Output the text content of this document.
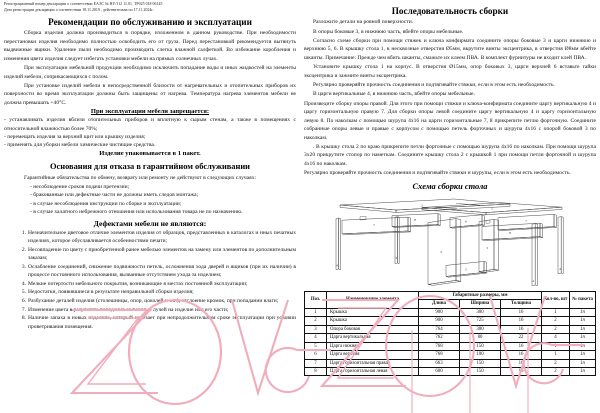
Регистрационный номер декларации о соответствии ЕАЭС № BY/112 11.01. ТР025 018 06145
Дата регистрации декларации о соответствии 18.11.2019 , действительна по 17.11.2024г.
Рекомендации по обслуживанию и эксплуатации

Сборка изделия должна производиться в порядке, изложенном в данном руководстве. При необходимости перестановки изделия необходимо полностью освободить его от груза. Перед перестановкой рекомендуется вытянуть выдвижные ящики. Удаление пыли необходимо производить слегка влажной салфеткой. Во избежание коробления и изменения цвета изделия следует избегать установки мебели на прямых солнечных лучах.

При эксплуатации мебельной продукции необходимо исключить попадание воды и иных жидкостей на элементы изделий мебели, соприкасающихся с полом.

При установке изделий мебели в непосредственной близости от нагревательных и отопительных приборов их поверхности во время эксплуатации должны быть защищены от нагрева. Температура нагрева элементов мебели не должна превышать +40°С.

При эксплуатации мебели запрещается:
- устанавливать изделия вблизи отопительных приборов и вплотную к сырым стенам, а также в помещениях с относительной влажностью более 70%;
- перемещать изделия за верхний щит или крышку изделия;
- применять для уборки мебели химические чистящие средства.
Изделие упаковывается в 1 пакет.
Основания для отказа в гарантийном обслуживании

Гарантийные обязательства по обмену, возврату или ремонту не действуют в следующих случаях:

- несоблюдение сроков подачи претензии;
- бракованные или дефектные части не должны иметь следов монтажа;
- в случае несоблюдения инструкции по сборке и эксплуатации;
- в случае халатного небрежного отношения или использования товара не по назначению.
Дефектами мебели не являются:
Незначительное цветовое отличие элементов изделия от образцов, представленных в каталогах и иных печатных изделиях, которое обуславливается особенностями печати;
Несовпадение по цвету с приобретенной ранее мебелью элементов на замену или элементов по дополнительным заказам;
Ослабление соединений, снижение подвижности петель, осложнения хода дверей и ящиков (при их наличии) в процессе постоянного использования, вызванные отсутствием ухода за изделием;
Мелкие потертости мебельного покрытия, возникающие в местах постоянной эксплуатации;
Недостатки, появившиеся в результате неправильной сборки изделия;
Разбухание деталей изделия (столешницы, опор, цоколей и т.п.), отслоение кромок, при попадании влаги;
Изменение цвета в результате попадания солнечных лучей на изделие или его части;
Наличие запаха в новых изделиях, который исчезает при непродолжительном сроке эксплуатации при условии проветривания помещения.
Последовательность сборки

Разложите детали на ровной поверхности.

В опоры боковые 3, в нижнюю часть, вбейте опоры мебельные.

Согласно схеме сборки при помощи стяжек и ключа конфирмата соедините опоры боковые 3 и царги нижнюю и верхнюю 5, 6. В крышку стола 1, в несквозные отверстия Ø5мм, вкрутите винты эксцентрика, в отверстия Ø8мм вбейте шканты. Примечание: Прежде чем вбить шканты, смажьте их клеем ПВА. В комплект фурнитуры не входит клей ПВА.

Установите крышку стола 1 на корпус. В отверстия Ø15мм, опор боковых 3, царги верхней 6 вставьте гайки эксцентрика и зажмите винты эксцентрика.

Регулярно проверяйте прочность соединения и подтягивайте стяжки, если в этом есть необходимость.

В царги вертикальные 4, в нижнюю часть, вбейте опоры мебельные.

Произведите сборку опоры правой. Для этого при помощи стяжки и ключа-конфирмата соедините царгу вертикальную 4 и царгу горизонтальную правую 7. Для сборки опоры левой соедините царгу вертикальную 4 и царгу горизонтальную левую 8. По наколкам с помощью шурупа 4х16 на царги горизонтальные 7, 8 прикрепите петлю форточную. Соедините собранные опоры левые и правые с корпусом с помощью петель форточных и шурупа 4х16 с опорой боковой 3 по наколкам.

. В крышку стола 2 по краю прикрепите петли форточные с помощью шурупа 4х16 по наколкам. При помощи шурупа 3х20 прикрутите стопор по наметкам. Соедините крышку стола 2 с крышкой 1 при помощи петли форточной и шурупа 4х16 по наколкам.

Регулярно проверяйте прочность соединения и подтягивайте стяжки и шурупы, если в этом есть необходимость.

Схема сборки стола
2
1
7
8
3
6
5
3
7
8
4
4
4
4
Поз.	Наименование элемента	Габаритные размеры, мм			Кол-во, шт	№ пакета
		Длина	Ширина	Толщина		
1	Крышка	900	300	16	1	1п
2	Крышка	900	725	16	2	1п
3	Опора боковая	764	300	16	2	1п
4	Царга вертикальная	762	80	22	4	1п
5	Царга нижняя	768	150	16	1	1п
6	Царга верхняя	768	100	16	1	1п
7	Царга горизонтальная правая	663	150	16	2	1п
8	Царга горизонтальная левая	600	150	16	2	1п
